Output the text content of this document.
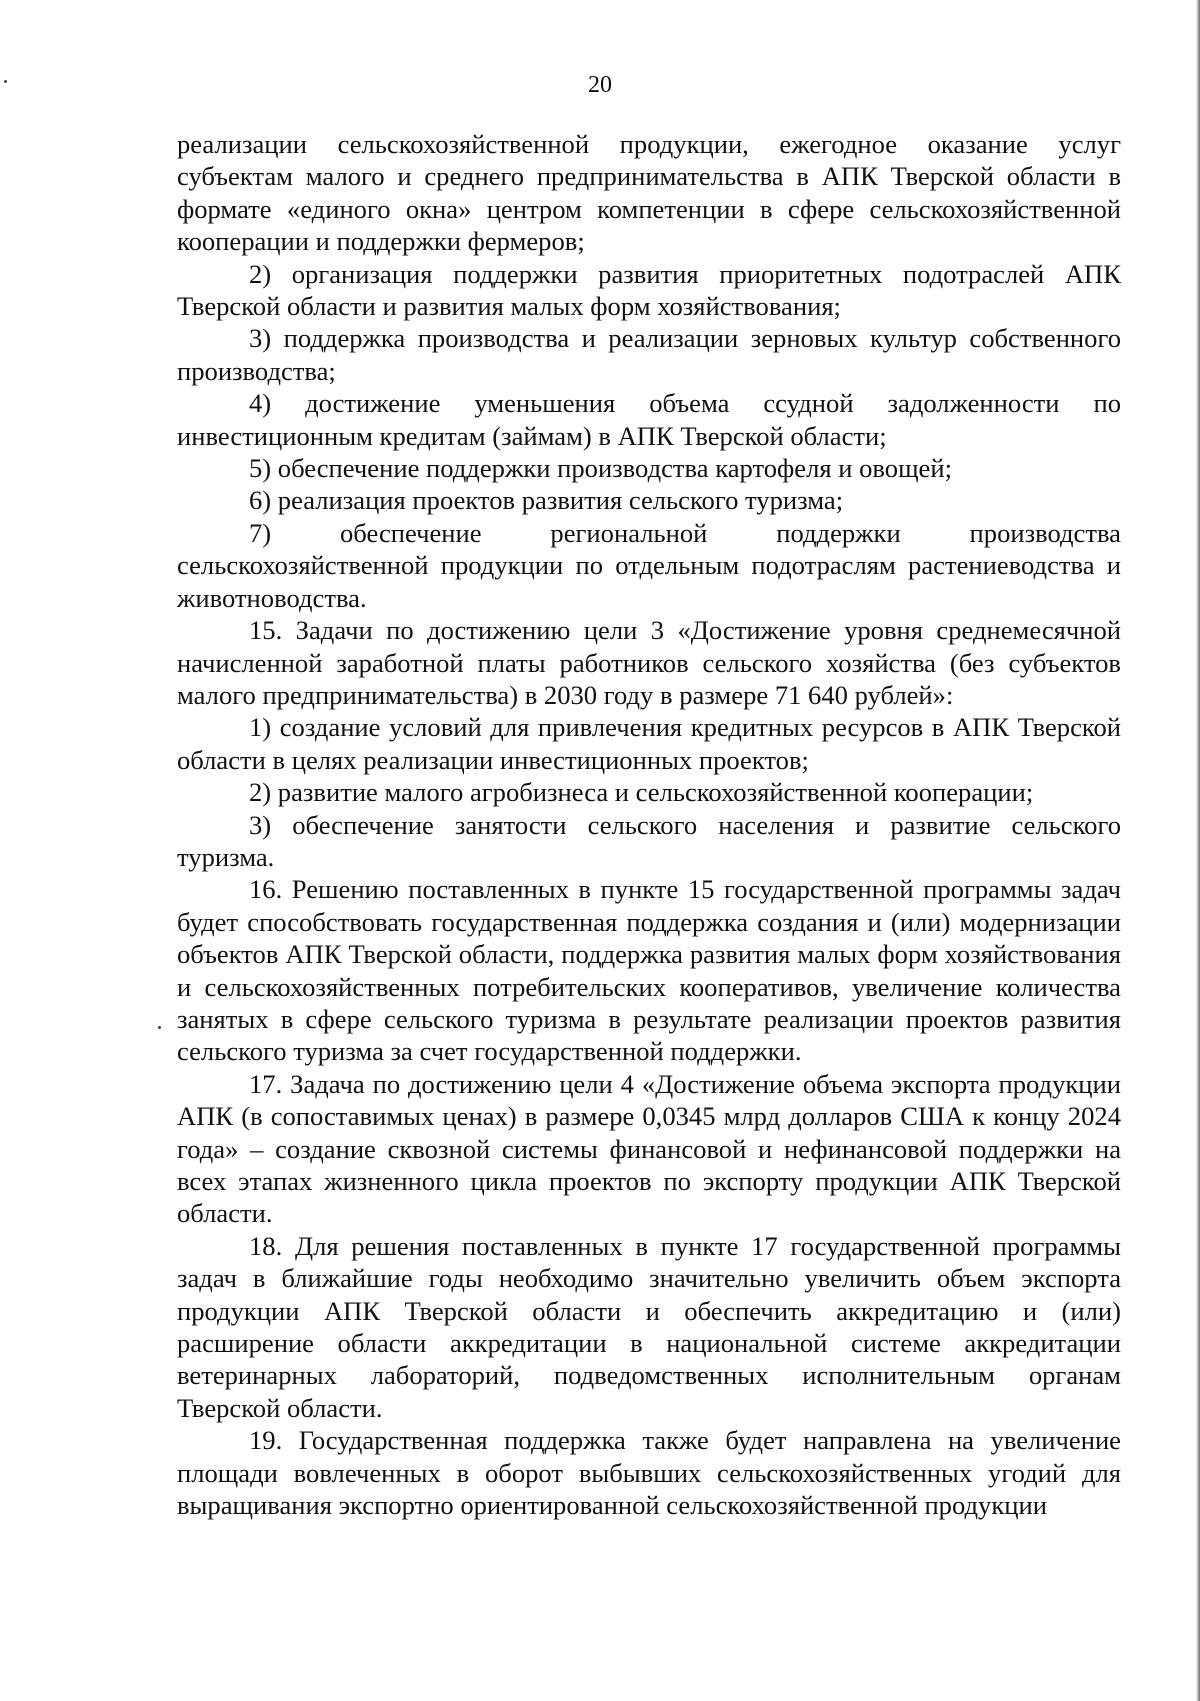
20

реализации сельскохозяйственной продукции, ежегодное оказание услуг субъектам малого и среднего предпринимательства в АПК Тверской области в формате «единого окна» центром компетенции в сфере сельскохозяйственной кооперации и поддержки фермеров;

2) организация поддержки развития приоритетных подотраслей АПК Тверской области и развития малых форм хозяйствования;

3) поддержка производства и реализации зерновых культур собственного производства;

4) достижение уменьшения объема ссудной задолженности по инвестиционным кредитам (займам) в АПК Тверской области;

5) обеспечение поддержки производства картофеля и овощей;

6) реализация проектов развития сельского туризма;

7) обеспечение региональной поддержки производства сельскохозяйственной продукции по отдельным подотраслям растениеводства и животноводства.

15. Задачи по достижению цели 3 «Достижение уровня среднемесячной начисленной заработной платы работников сельского хозяйства (без субъектов малого предпринимательства) в 2030 году в размере 71 640 рублей»:

1) создание условий для привлечения кредитных ресурсов в АПК Тверской области в целях реализации инвестиционных проектов;

2) развитие малого агробизнеса и сельскохозяйственной кооперации;

3) обеспечение занятости сельского населения и развитие сельского туризма.

16. Решению поставленных в пункте 15 государственной программы задач будет способствовать государственная поддержка создания и (или) модернизации объектов АПК Тверской области, поддержка развития малых форм хозяйствования и сельскохозяйственных потребительских кооперативов, увеличение количества занятых в сфере сельского туризма в результате реализации проектов развития сельского туризма за счет государственной поддержки.

17. Задача по достижению цели 4 «Достижение объема экспорта продукции АПК (в сопоставимых ценах) в размере 0,0345 млрд долларов США к концу 2024 года» – создание сквозной системы финансовой и нефинансовой поддержки на всех этапах жизненного цикла проектов по экспорту продукции АПК Тверской области.

18. Для решения поставленных в пункте 17 государственной программы задач в ближайшие годы необходимо значительно увеличить объем экспорта продукции АПК Тверской области и обеспечить аккредитацию и (или) расширение области аккредитации в национальной системе аккредитации ветеринарных лабораторий, подведомственных исполнительным органам Тверской области.

19. Государственная поддержка также будет направлена на увеличение площади вовлеченных в оборот выбывших сельскохозяйственных угодий для выращивания экспортно ориентированной сельскохозяйственной продукции
